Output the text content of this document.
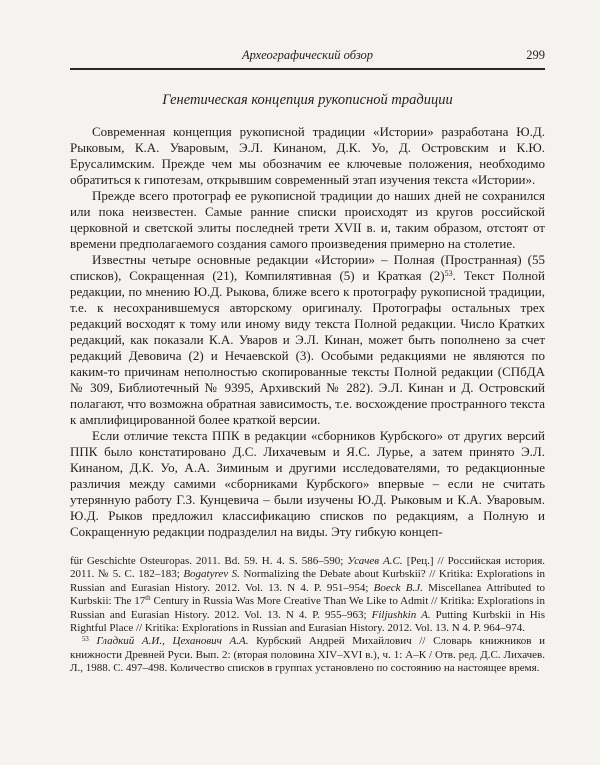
Археографический обзор	299
Генетическая концепция рукописной традиции

Современная концепция рукописной традиции «Истории» разработана Ю.Д. Рыковым, К.А. Уваровым, Э.Л. Кинаном, Д.К. Уо, Д. Островским и К.Ю. Ерусалимским. Прежде чем мы обозначим ее ключевые положения, необходимо обратиться к гипотезам, открывшим современный этап изучения текста «Истории».

Прежде всего протограф ее рукописной традиции до наших дней не сохранился или пока неизвестен. Самые ранние списки происходят из кругов российской церковной и светской элиты последней трети XVII в. и, таким образом, отстоят от времени предполагаемого создания самого произведения примерно на столетие.

Известны четыре основные редакции «Истории» – Полная (Пространная) (55 списков), Сокращенная (21), Компилятивная (5) и Краткая $(2)^{53}$. Текст Полной редакции, по мнению Ю.Д. Рыкова, ближе всего к протографу рукописной традиции, т.е. к несохранившемуся авторскому оригиналу. Протографы остальных трех редакций восходят к тому или иному виду текста Полной редакции. Число Кратких редакций, как показали К.А. Уваров и Э.Л. Кинан, может быть пополнено за счет редакций Девовича (2) и Нечаевской (3). Особыми редакциями не являются по каким-то причинам неполностью скопированные тексты Полной редакции (СПбДА № 309, Библиотечный № 9395, Архивский № 282). Э.Л. Кинан и Д. Островский полагают, что возможна обратная зависимость, т.е. восхождение пространного текста к амплифицированной более краткой версии.

Если отличие текста ППК в редакции «сборников Курбского» от других версий ППК было констатировано Д.С. Лихачевым и Я.С. Лурье, а затем принято Э.Л. Кинаном, Д.К. Уо, А.А. Зиминым и другими исследователями, то редакционные различия между самими «сборниками Курбского» впервые – если не считать утерянную работу Г.З. Кунцевича – были изучены Ю.Д. Рыковым и К.А. Уваровым. Ю.Д. Рыков предложил классификацию списков по редакциям, а Полную и Сокращенную редакции подразделил на виды. Эту гибкую концеп-

für Geschichte Osteuropas. 2011. Bd. 59. H. 4. S. 586–590; Усачев А.С. [Рец.] // Российская история. 2011. № 5. С. 182–183; Bogatyrev S. Normalizing the Debate about Kurbskii? // Kritika: Explorations in Russian and Eurasian History. 2012. Vol. 13. N 4. P. 951–954; Boeck B.J. Miscellanea Attributed to Kurbskii: The 17th Century in Russia Was More Creative Than We Like to Admit // Kritika: Explorations in Russian and Eurasian History. 2012. Vol. 13. N 4. P. 955–963; Filjushkin A. Putting Kurbskii in His Rightful Place // Kritika: Explorations in Russian and Eurasian History. 2012. Vol. 13. N 4. P. 964–974.

$^{53}$ Гладкий А.И., Цеханович А.А. Курбский Андрей Михайлович // Словарь книжников и книжности Древней Руси. Вып. 2: (вторая половина XIV–XVI в.), ч. 1: А–К / Отв. ред. Д.С. Лихачев. Л., 1988. С. 497–498. Количество списков в группах установлено по состоянию на настоящее время.
